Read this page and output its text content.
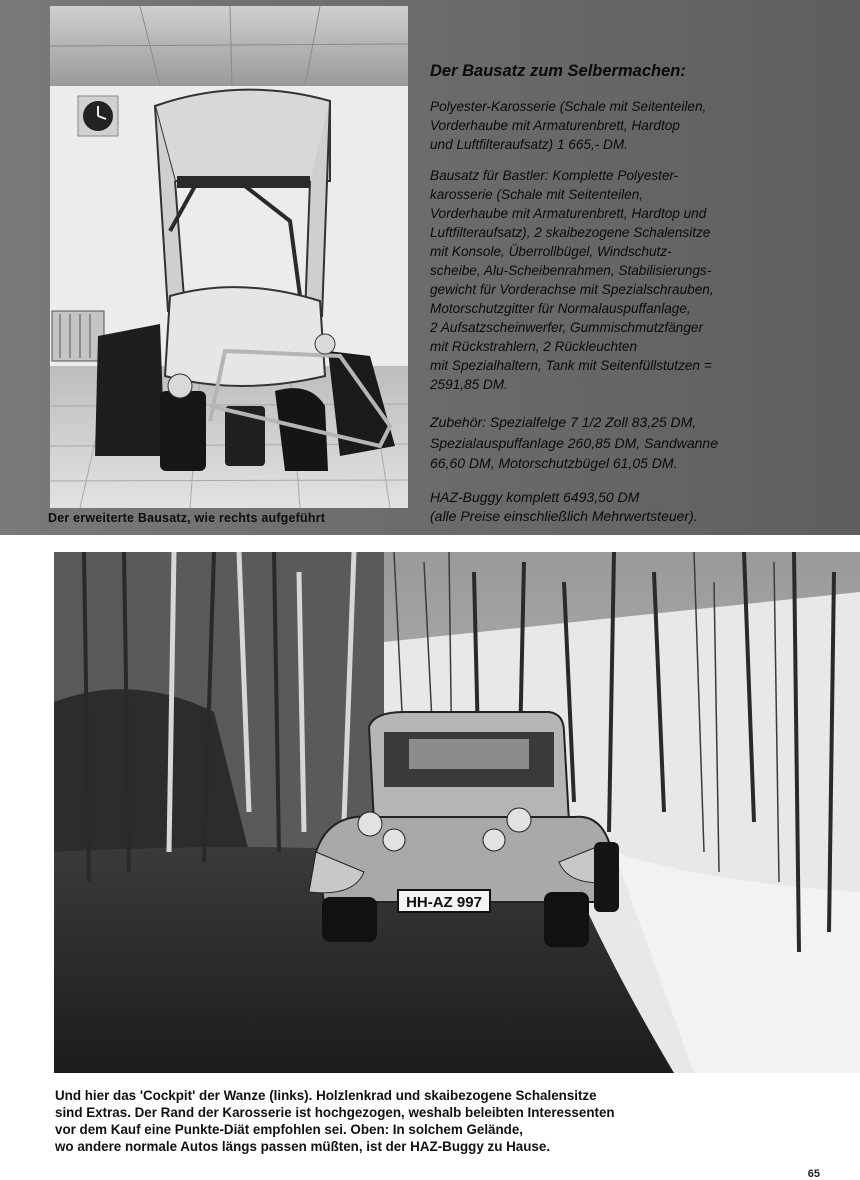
Der erweiterte Bausatz, wie rechts aufgeführt
Der Bausatz zum Selbermachen:

Polyester-Karosserie (Schale mit Seitenteilen,
Vorderhaube mit Armaturenbrett, Hardtop
und Luftfilteraufsatz) 1 665,- DM.

Bausatz für Bastler: Komplette Polyester-
karosserie (Schale mit Seitenteilen,
Vorderhaube mit Armaturenbrett, Hardtop und
Luftfilteraufsatz), 2 skaibezogene Schalensitze
mit Konsole, Überrollbügel, Windschutz-
scheibe, Alu-Scheibenrahmen, Stabilisierungs-
gewicht für Vorderachse mit Spezialschrauben,
Motorschutzgitter für Normalauspuffanlage,
2 Aufsatzscheinwerfer, Gummischmutzfänger
mit Rückstrahlern, 2 Rückleuchten
mit Spezialhaltern, Tank mit Seitenfüllstutzen =
2591,85 DM.

Zubehör: Spezialfelge 7 1/2 Zoll 83,25 DM,
Spezialauspuffanlage 260,85 DM, Sandwanne
66,60 DM, Motorschutzbügel 61,05 DM.

HAZ-Buggy komplett 6493,50 DM
(alle Preise einschließlich Mehrwertsteuer).

HH-AZ 997
Und hier das 'Cockpit' der Wanze (links). Holzlenkrad und skaibezogene Schalensitze
sind Extras. Der Rand der Karosserie ist hochgezogen, weshalb beleibten Interessenten
vor dem Kauf eine Punkte-Diät empfohlen sei. Oben: In solchem Gelände,
wo andere normale Autos längs passen müßten, ist der HAZ-Buggy zu Hause.
65
